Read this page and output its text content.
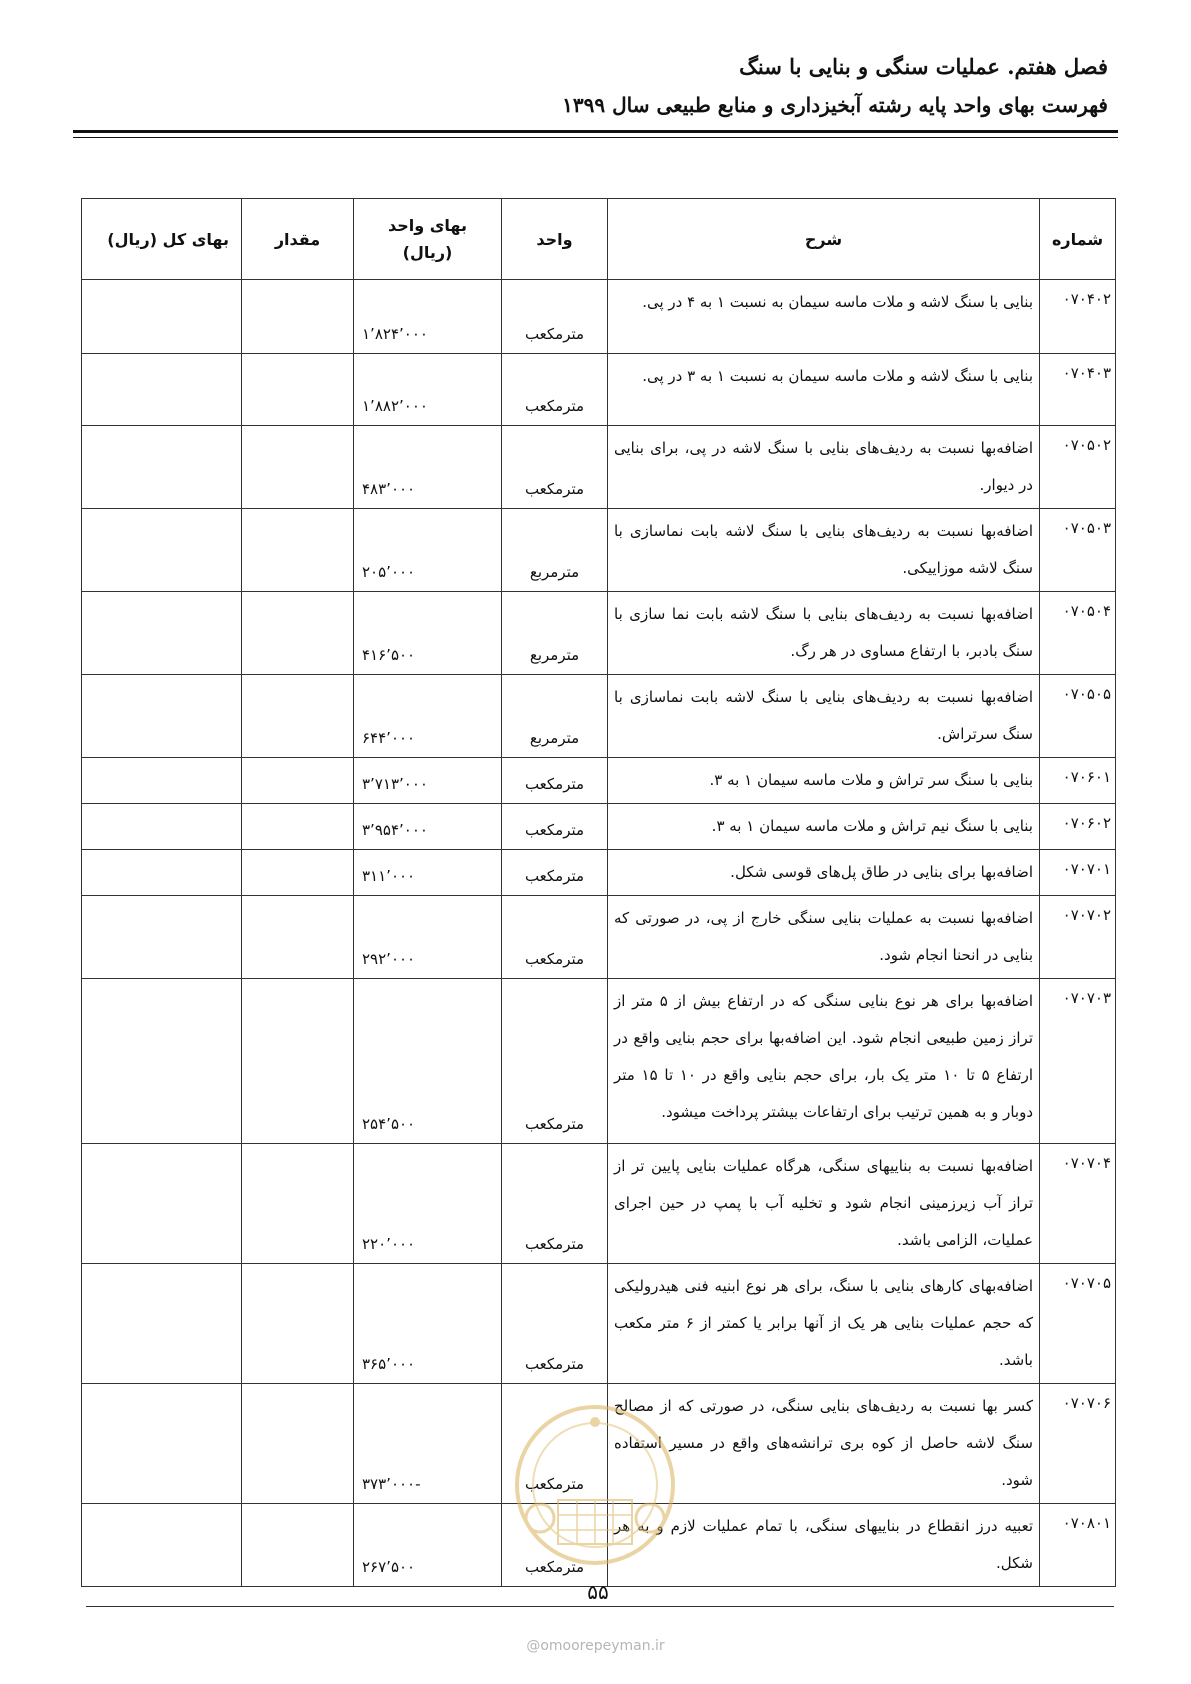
فصل هفتم. عملیات سنگی و بنایی با سنگ
فهرست بهای واحد پایه رشته آبخیزداری و منابع طبیعی سال ۱۳۹۹
شماره	شرح	واحد	بهای واحد
(ریال)	مقدار	بهای کل (ریال)
۰۷۰۴۰۲	بنایی با سنگ لاشه و ملات ماسه سیمان به نسبت ۱ به ۴ در پی.	مترمکعب	۱٬۸۲۴٬۰۰۰		
۰۷۰۴۰۳	بنایی با سنگ لاشه و ملات ماسه سیمان به نسبت ۱ به ۳ در پی.	مترمکعب	۱٬۸۸۲٬۰۰۰		
۰۷۰۵۰۲	اضافه‌بها نسبت به ردیف‌های بنایی با سنگ لاشه در پی، برای بنایی در دیوار.	مترمکعب	۴۸۳٬۰۰۰		
۰۷۰۵۰۳	اضافه‌بها نسبت به ردیف‌های بنایی با سنگ لاشه بابت نماسازی با سنگ لاشه موزاییکی.	مترمربع	۲۰۵٬۰۰۰		
۰۷۰۵۰۴	اضافه‌بها نسبت به ردیف‌های بنایی با سنگ لاشه بابت نما سازی با سنگ بادبر، با ارتفاع مساوی در هر رگ.	مترمربع	۴۱۶٬۵۰۰		
۰۷۰۵۰۵	اضافه‌بها نسبت به ردیف‌های بنایی با سنگ لاشه بابت نماسازی با سنگ سرتراش.	مترمربع	۶۴۴٬۰۰۰		
۰۷۰۶۰۱	بنایی با سنگ سر تراش و ملات ماسه سیمان ۱ به ۳.	مترمکعب	۳٬۷۱۳٬۰۰۰		
۰۷۰۶۰۲	بنایی با سنگ نیم تراش و ملات ماسه سیمان ۱ به ۳.	مترمکعب	۳٬۹۵۴٬۰۰۰		
۰۷۰۷۰۱	اضافه‌بها برای بنایی در طاق پل‌های قوسی شکل.	مترمکعب	۳۱۱٬۰۰۰		
۰۷۰۷۰۲	اضافه‌بها نسبت به عملیات بنایی سنگی خارج از پی، در صورتی که بنایی در انحنا انجام شود.	مترمکعب	۲۹۲٬۰۰۰		
۰۷۰۷۰۳	اضافه‌بها برای هر نوع بنایی سنگی که در ارتفاع بیش از ۵ متر از تراز زمین طبیعی انجام شود. این اضافه‌بها برای حجم بنایی واقع در ارتفاع ۵ تا ۱۰ متر یک بار، برای حجم بنایی واقع در ۱۰ تا ۱۵ متر دوبار و به همین ترتیب برای ارتفاعات بیشتر پرداخت میشود.	مترمکعب	۲۵۴٬۵۰۰		
۰۷۰۷۰۴	اضافه‌بها نسبت به بناییهای سنگی، هرگاه عملیات بنایی پایین تر از تراز آب زیرزمینی انجام شود و تخلیه آب با پمپ در حین اجرای عملیات، الزامی باشد.	مترمکعب	۲۲۰٬۰۰۰		
۰۷۰۷۰۵	اضافه‌بهای کارهای بنایی با سنگ، برای هر نوع ابنیه فنی هیدرولیکی که حجم عملیات بنایی هر یک از آنها برابر یا کمتر از ۶ متر مکعب باشد.	مترمکعب	۳۶۵٬۰۰۰		
۰۷۰۷۰۶	کسر بها نسبت به ردیف‌های بنایی سنگی، در صورتی که از مصالح سنگ لاشه حاصل از کوه بری ترانشه‌های واقع در مسیر استفاده شود.	مترمکعب	-۳۷۳٬۰۰۰		
۰۷۰۸۰۱	تعبیه درز انقطاع در بناییهای سنگی، با تمام عملیات لازم و به هر شکل.	مترمکعب	۲۶۷٬۵۰۰		
۵۵
@omoorepeyman.ir
